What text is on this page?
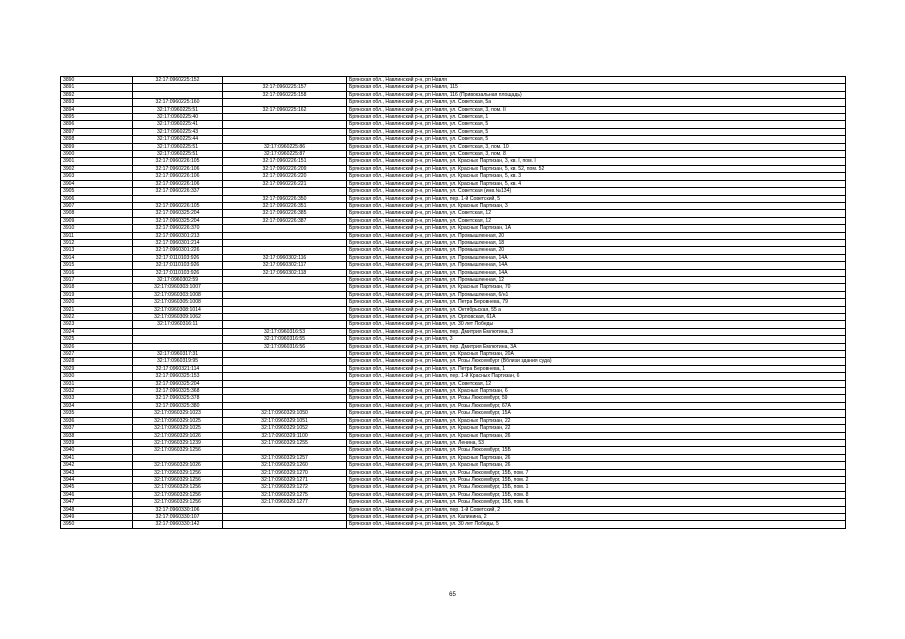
3890	32:17:0960225:152		Брянская обл., Навлинский р-н, рп Навля
3891		32:17:0960225:157	Брянская обл., Навлинский р-н, рп Навля, 115
3892		32:17:0960225:158	Брянская обл., Навлинский р-н, рп Навля, 116 (Привокзальная площадь)
3893	32:17:0960225:160		Брянская обл., Навлинский р-н, рп Навля, ул. Советская, 5а
3894	32:17:0960225:51	32:17:0960225:162	Брянская обл., Навлинский р-н, рп Навля, ул. Советская, 3, пом. II
3895	32:17:0960225:40		Брянская обл., Навлинский р-н, рп Навля, ул. Советская, 1
3896	32:17:0960225:41		Брянская обл., Навлинский р-н, рп Навля, ул. Советская, 5
3897	32:17:0960225:43		Брянская обл., Навлинский р-н, рп Навля, ул. Советская, 5
3898	32:17:0960225:44		Брянская обл., Навлинский р-н, рп Навля, ул. Советская, 5
3899	32:17:0960225:51	32:17:0960225:86	Брянская обл., Навлинский р-н, рп Навля, ул. Советская, 3, пом. 10
3900	32:17:0960225:51	32:17:0960225:87	Брянская обл., Навлинский р-н, рп Навля, ул. Советская, 3, пом. 8
3901	32:17:0960226:105	32:17:0960226:151	Брянская обл., Навлинский р-н, рп Навля, ул. Красных Партизан, 3, кв. I, пом. I
3902	32:17:0960226:106	32:17:0960226:209	Брянская обл., Навлинский р-н, рп Навля, ул. Красных Партизан, 5, кв. 52, пом. 52
3903	32:17:0960226:106	32:17:0960226:220	Брянская обл., Навлинский р-н, рп Навля, ул. Красных Партизан, 5, кв. 3
3904	32:17:0960226:106	32:17:0960226:221	Брянская обл., Навлинский р-н, рп Навля, ул. Красных Партизан, 5, кв. 4
3905	32:17:0960226:337		Брянская обл., Навлинский р-н, рп Навля, ул. Советская (инв.№134)
3906		32:17:0960226:350	Брянская обл., Навлинский р-н, рп Навля, пер. 1-й Советский, 5
3907	32:17:0960226:105	32:17:0960226:351	Брянская обл., Навлинский р-н, рп Навля, ул. Красных Партизан, 3
3908	32:17:0960325:204	32:17:0960226:385	Брянская обл., Навлинский р-н, рп Навля, ул. Советская, 12
3909	32:17:0960325:204	32:17:0960226:387	Брянская обл., Навлинский р-н, рп Навля, ул. Советская, 12
3910	32:17:0960226:370		Брянская обл., Навлинский р-н, рп Навля, ул. Красных Партизан, 1А
3911	32:17:0960301:213		Брянская обл., Навлинский р-н, рп Навля, ул. Промышленная, 20
3912	32:17:0960301:214		Брянская обл., Навлинский р-н, рп Навля, ул. Промышленная, 18
3913	32:17:0960301:226		Брянская обл., Навлинский р-н, рп Навля, ул. Промышленная, 20
3914	32:17:0110103:926	32:17:0960302:116	Брянская обл., Навлинский р-н, рп Навля, ул. Промышленная, 14А
3915	32:17:0110103:926	32:17:0960302:117	Брянская обл., Навлинский р-н, рп Навля, ул. Промышленная, 14А
3916	32:17:0110103:926	32:17:0960302:118	Брянская обл., Навлинский р-н, рп Навля, ул. Промышленная, 14А
3917	32:17:0960302:59		Брянская обл., Навлинский р-н, рп Навля, ул. Промышленная, 12
3918	32:17:0960303:1007		Брянская обл., Навлинский р-н, рп Навля, ул. Красных Партизан, 70
3919	32:17:0960303:1008		Брянская обл., Навлинский р-н, рп Навля, ул. Промышленная, 6/н1
3920	32:17:0960305:1008		Брянская обл., Навлинский р-н, рп Навля, ул. Петра Беровнева, 79
3921	32:17:0960308:1014		Брянская обл., Навлинский р-н, рп Навля, ул. Октябрьская, 55 а
3922	32:17:0960309:1062		Брянская обл., Навлинский р-н, рп Навля, ул. Орловская, 61А
3923	32:17:0960316:11		Брянская обл., Навлинский р-н, рп Навля, ул. 30 лет Победы
3924		32:17:0960316:53	Брянская обл., Навлинский р-н, рп Навля, пер. Дмитрия Емлютина, 3
3925		32:17:0960316:55	Брянская обл., Навлинский р-н, рп Навля, 3
3926		32:17:0960316:56	Брянская обл., Навлинский р-н, рп Навля, пер. Дмитрия Емлютина, 3А
3927	32:17:0960317:31		Брянская обл., Навлинский р-н, рп Навля, ул. Красных Партизан, 20А
3928	32:17:0960319:95		Брянская обл., Навлинский р-н, рп Навля, ул. Розы Люксембург (Вблизи здания суда)
3929	32:17:0960321:114		Брянская обл., Навлинский р-н, рп Навля, ул. Петра Беровнева, 1
3930	32:17:0960325:153		Брянская обл., Навлинский р-н, рп Навля, пер. 1-й Красных Партизан, 6
3931	32:17:0960325:204		Брянская обл., Навлинский р-н, рп Навля, ул. Советская, 12
3932	32:17:0960325:368		Брянская обл., Навлинский р-н, рп Навля, ул. Красных Партизан, 6
3933	32:17:0960325:378		Брянская обл., Навлинский р-н, рп Навля, ул. Розы Люксембург, 59
3934	32:17:0960325:380		Брянская обл., Навлинский р-н, рп Навля, ул. Розы Люксембург, 67А
3935	32:17:0960329:1023	32:17:0960329:1050	Брянская обл., Навлинский р-н, рп Навля, ул. Розы Люксембург, 15А
3936	32:17:0960329:1025	32:17:0960329:1051	Брянская обл., Навлинский р-н, рп Навля, ул. Красных Партизан, 22
3937	32:17:0960329:1025	32:17:0960329:1052	Брянская обл., Навлинский р-н, рп Навля, ул. Красных Партизан, 22
3938	32:17:0960329:1026	32:17:0960329:1100	Брянская обл., Навлинский р-н, рп Навля, ул. Красных Партизан, 26
3939	32:17:0960329:1239	32:17:0960329:1255	Брянская обл., Навлинский р-н, рп Навля, ул. Ленина, 53
3940	32:17:0960329:1256		Брянская обл., Навлинский р-н, рп Навля, ул. Розы Люксембург, 15Б
3941		32:17:0960329:1257	Брянская обл., Навлинский р-н, рп Навля, ул. Красных Партизан, 26
3942	32:17:0960329:1026	32:17:0960329:1260	Брянская обл., Навлинский р-н, рп Навля, ул. Красных Партизан, 26
3943	32:17:0960329:1256	32:17:0960329:1270	Брянская обл., Навлинский р-н, рп Навля, ул. Розы Люксембург, 15Б, пом. 7
3944	32:17:0960329:1256	32:17:0960329:1271	Брянская обл., Навлинский р-н, рп Навля, ул. Розы Люксембург, 15Б, пом. 2
3945	32:17:0960329:1256	32:17:0960329:1272	Брянская обл., Навлинский р-н, рп Навля, ул. Розы Люксембург, 15Б, пом. 1
3946	32:17:0960329:1256	32:17:0960329:1275	Брянская обл., Навлинский р-н, рп Навля, ул. Розы Люксембург, 15Б, пом. 8
3947	32:17:0960329:1256	32:17:0960329:1277	Брянская обл., Навлинский р-н, рп Навля, ул. Розы Люксембург, 15Б, пом. 6
3948	32:17:0960330:106		Брянская обл., Навлинский р-н, рп Навля, пер. 1-й Советский, 2
3949	32:17:0960330:107		Брянская обл., Навлинский р-н, рп Навля, ул. Калинина, 2
3950	32:17:0960330:142		Брянская обл., Навлинский р-н, рп Навля, ул. 30 лет Победы, 5
65
